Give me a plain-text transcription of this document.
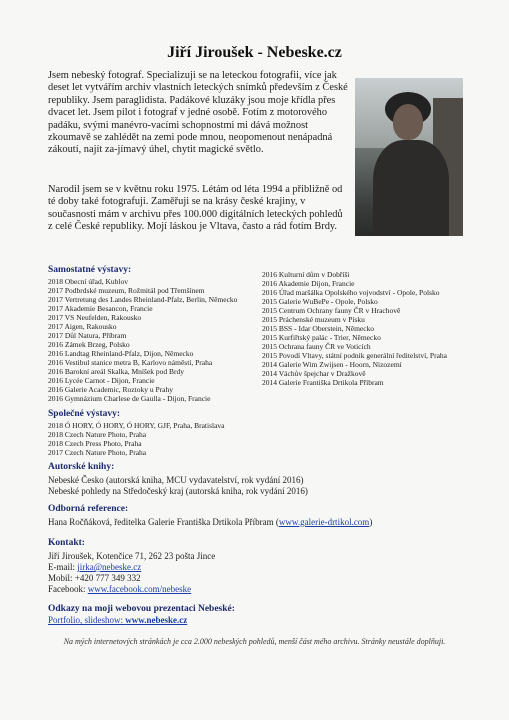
Jiří Jiroušek - Nebeske.cz

Jsem nebeský fotograf. Specializuji se na leteckou fotografii, více jak deset let vytvářím archiv vlastních leteckých snímků především z České republiky. Jsem paraglidista. Padákové kluzáky jsou moje křídla přes dvacet let. Jsem pilot i fotograf v jedné osobě. Fotím z motorového padáku, svými manévro-vacími schopnostmi mi dává možnost zkoumavě se zahlédět na zemi pode mnou, neopomenout nenápadná zákoutí, najít za-jímavý úhel, chytit magické světlo.

Narodil jsem se v květnu roku 1975. Létám od léta 1994 a přibližně od té doby také fotografuji. Zaměřuji se na krásy české krajiny, v současnosti mám v archivu přes 100.000 digitálních leteckých pohledů z celé České republiky. Mojí láskou je Vltava, často a rád fotím Brdy.

Samostatné výstavy:
2018 Obecní úřad, Kublov
2017 Podbrdské muzeum, Rožmitál pod Třemšínem
2017 Vertretung des Landes Rheinland-Pfalz, Berlin, Německo
2017 Akademie Besancon, Francie
2017 VS Neufelden, Rakousko
2017 Aigen, Rakousko
2017 Důl Natura, Příbram
2016 Zámek Brzeg, Polsko
2016 Landtag Rheinland-Pfalz, Dijon, Německo
2016 Vestibul stanice metra B, Karlovo náměstí, Praha
2016 Barokní areál Skalka, Mníšek pod Brdy
2016 Lycée Carnot - Dijon, Francie
2016 Galerie Academic, Roztoky u Prahy
2016 Gymnázium Charlese de Gaulla - Dijon, Francie
2016 Kulturní dům v Dobříši
2016 Akademie Dijon, Francie
2016 Úřad maršálka Opolského vojvodství - Opole, Polsko
2015 Galerie WuBePe - Opole, Polsko
2015 Centrum Ochrany fauny ČR v Hrachově
2015 Práchenské muzeum v Písku
2015 BSS - Idar Oberstein, Německo
2015 Kurfiřtský palác - Trier, Německo
2015 Ochrana fauny ČR ve Voticích
2015 Povodí Vltavy, státní podnik generální ředitelství, Praha
2014 Galerie Wim Zwijsen - Hoorn, Nizozemí
2014 Váchův špejchar v Dražkově
2014 Galerie Františka Drtikola Příbram
Společné výstavy:
2018 Ó HORY, Ó HORY, Ó HORY, GJF, Praha, Bratislava
2018 Czech Nature Photo, Praha
2018 Czech Press Photo, Praha
2017 Czech Nature Photo, Praha
Autorské knihy:
Nebeské Česko (autorská kniha, MCU vydavatelství, rok vydání 2016)
Nebeské pohledy na Středočeský kraj (autorská kniha, rok vydání 2016)
Odborná reference:
Hana Ročňáková, ředitelka Galerie Františka Drtikola Příbram (www.galerie-drtikol.com)
Kontakt:
Jiří Jiroušek, Kotenčice 71, 262 23 pošta Jince
E-mail: jirka@nebeske.cz
Mobil: +420 777 349 332
Facebook: www.facebook.com/nebeske
Odkazy na moji webovou prezentaci Nebeské:
Portfolio, slideshow: www.nebeske.cz
Na mých internetových stránkách je cca 2.000 nebeských pohledů, menší část mého archivu. Stránky neustále doplňuji.
